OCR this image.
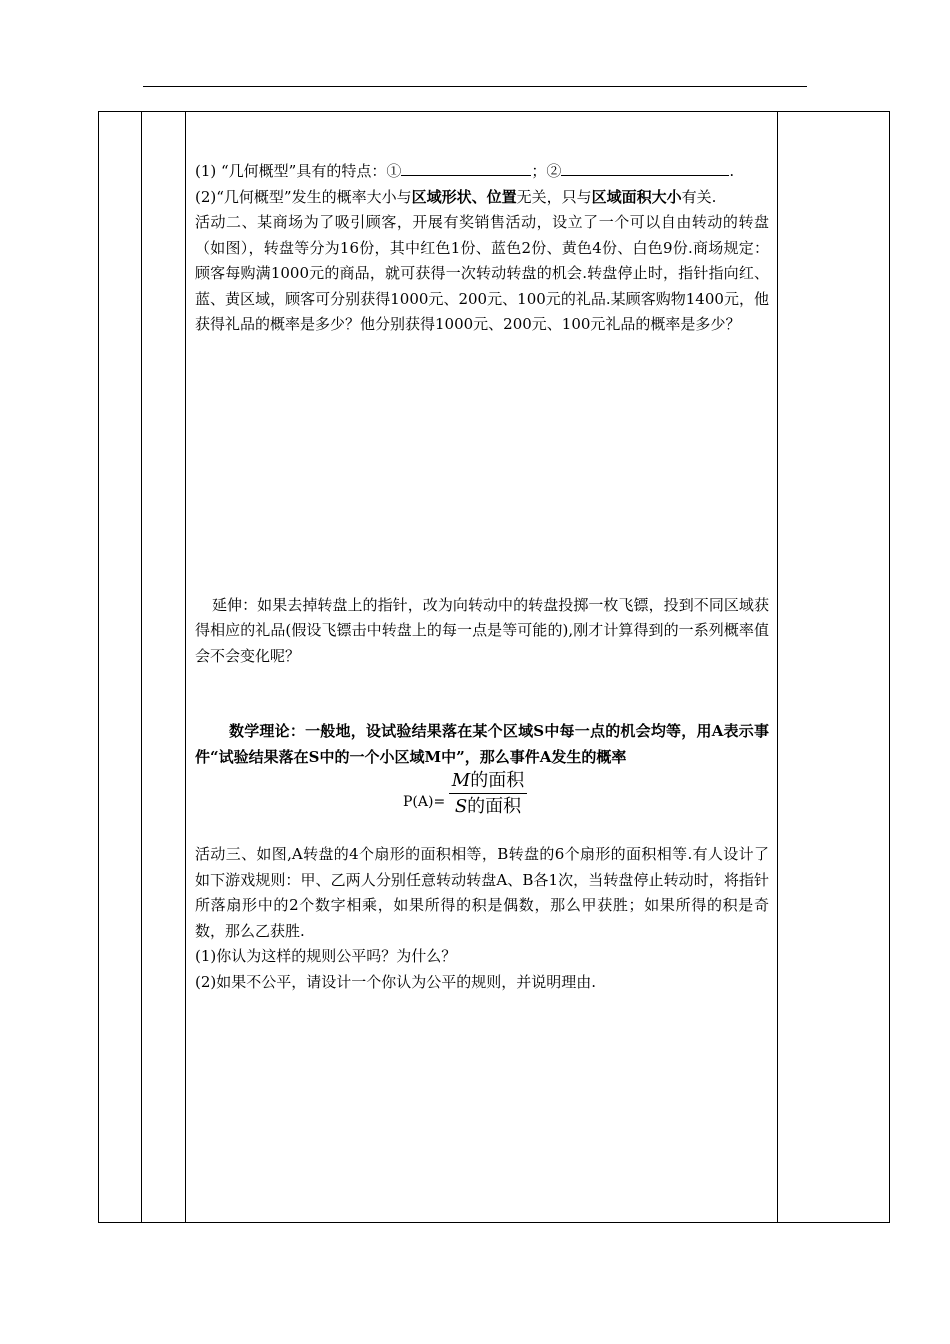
(1) “几何概型”具有的特点：①	；②	.

(2)“几何概型”发生的概率大小与区域形状、位置无关，只与区域面积大小有关.

活动二、某商场为了吸引顾客，开展有奖销售活动，设立了一个可以自由转动的转盘（如图），转盘等分为16份，其中红色1份、蓝色2份、黄色4份、白色9份.商场规定：顾客每购满1000元的商品，就可获得一次转动转盘的机会.转盘停止时，指针指向红、蓝、黄区域，顾客可分别获得1000元、200元、100元的礼品.某顾客购物1400元，他获得礼品的概率是多少？他分别获得1000元、200元、100元礼品的概率是多少？

延伸：如果去掉转盘上的指针，改为向转动中的转盘投掷一枚飞镖，投到不同区域获得相应的礼品(假设飞镖击中转盘上的每一点是等可能的),刚才计算得到的一系列概率值会不会变化呢？

数学理论：一般地，设试验结果落在某个区域S中每一点的机会均等，用A表示事件“试验结果落在S中的一个小区域M中”，那么事件A发生的概率

P(A)=
M的面积
S的面积

活动三、如图,A转盘的4个扇形的面积相等，B转盘的6个扇形的面积相等.有人设计了如下游戏规则：甲、乙两人分别任意转动转盘A、B各1次，当转盘停止转动时，将指针所落扇形中的2个数字相乘，如果所得的积是偶数，那么甲获胜；如果所得的积是奇数，那么乙获胜.

(1)你认为这样的规则公平吗？为什么？

(2)如果不公平，请设计一个你认为公平的规则，并说明理由.
